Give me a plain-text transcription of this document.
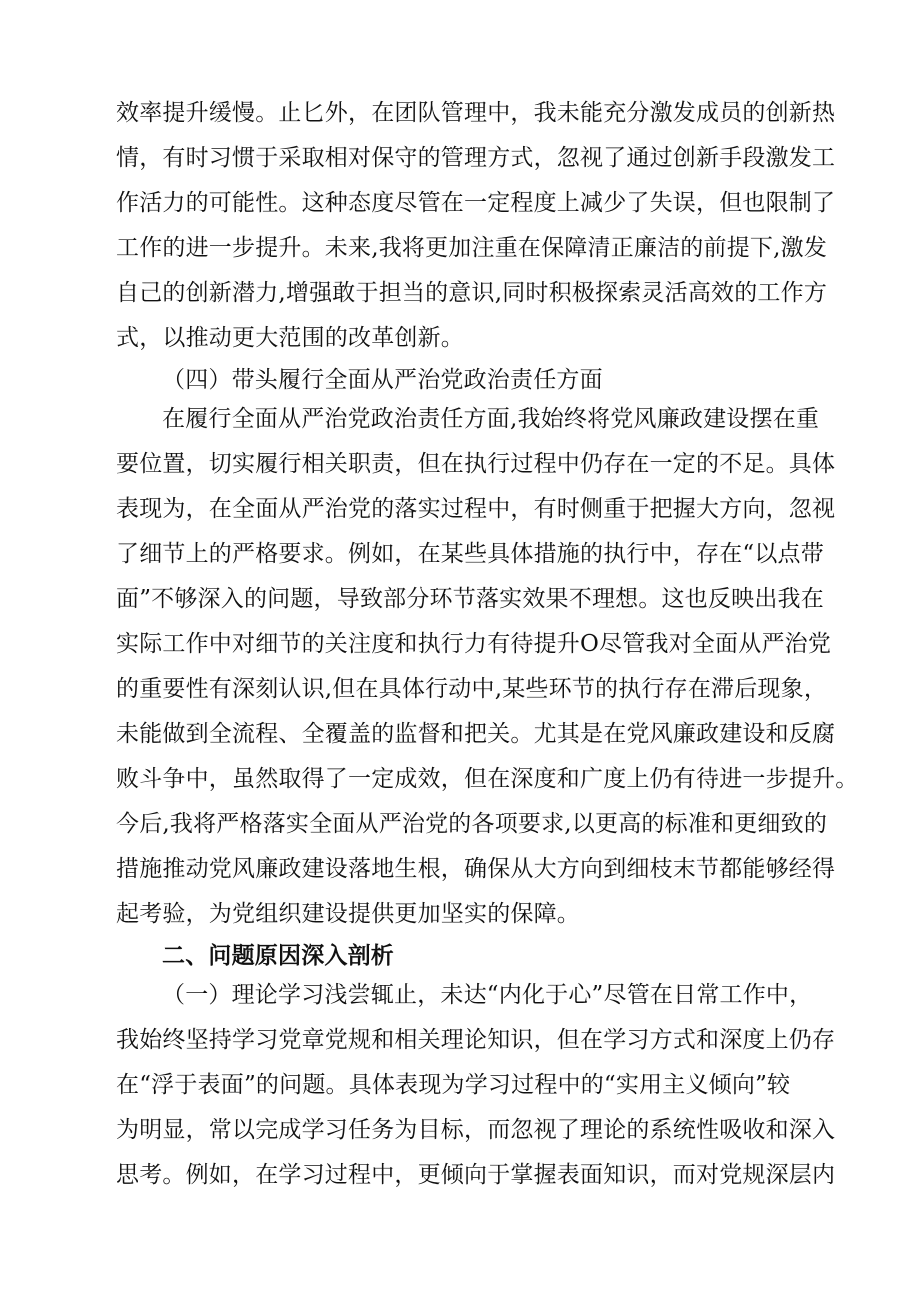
效率提升缓慢。止匕外，在团队管理中，我未能充分激发成员的创新热
情，有时习惯于采取相对保守的管理方式，忽视了通过创新手段激发工
作活力的可能性。这种态度尽管在一定程度上减少了失误，但也限制了
工作的进一步提升。未来,我将更加注重在保障清正廉洁的前提下,激发
自己的创新潜力,增强敢于担当的意识,同时积极探索灵活高效的工作方
式，以推动更大范围的改革创新。
（四）带头履行全面从严治党政治责任方面
在履行全面从严治党政治责任方面,我始终将党风廉政建设摆在重
要位置，切实履行相关职责，但在执行过程中仍存在一定的不足。具体
表现为，在全面从严治党的落实过程中，有时侧重于把握大方向，忽视
了细节上的严格要求。例如，在某些具体措施的执行中，存在“以点带
面”不够深入的问题，导致部分环节落实效果不理想。这也反映出我在
实际工作中对细节的关注度和执行力有待提升O尽管我对全面从严治党
的重要性有深刻认识,但在具体行动中,某些环节的执行存在滞后现象，
未能做到全流程、全覆盖的监督和把关。尤其是在党风廉政建设和反腐
败斗争中，虽然取得了一定成效，但在深度和广度上仍有待进一步提升。
今后,我将严格落实全面从严治党的各项要求,以更高的标准和更细致的
措施推动党风廉政建设落地生根，确保从大方向到细枝末节都能够经得
起考验，为党组织建设提供更加坚实的保障。
二、问题原因深入剖析
（一）理论学习浅尝辄止，未达“内化于心”尽管在日常工作中，
我始终坚持学习党章党规和相关理论知识，但在学习方式和深度上仍存
在“浮于表面”的问题。具体表现为学习过程中的“实用主义倾向”较
为明显，常以完成学习任务为目标，而忽视了理论的系统性吸收和深入
思考。例如，在学习过程中，更倾向于掌握表面知识，而对党规深层内
